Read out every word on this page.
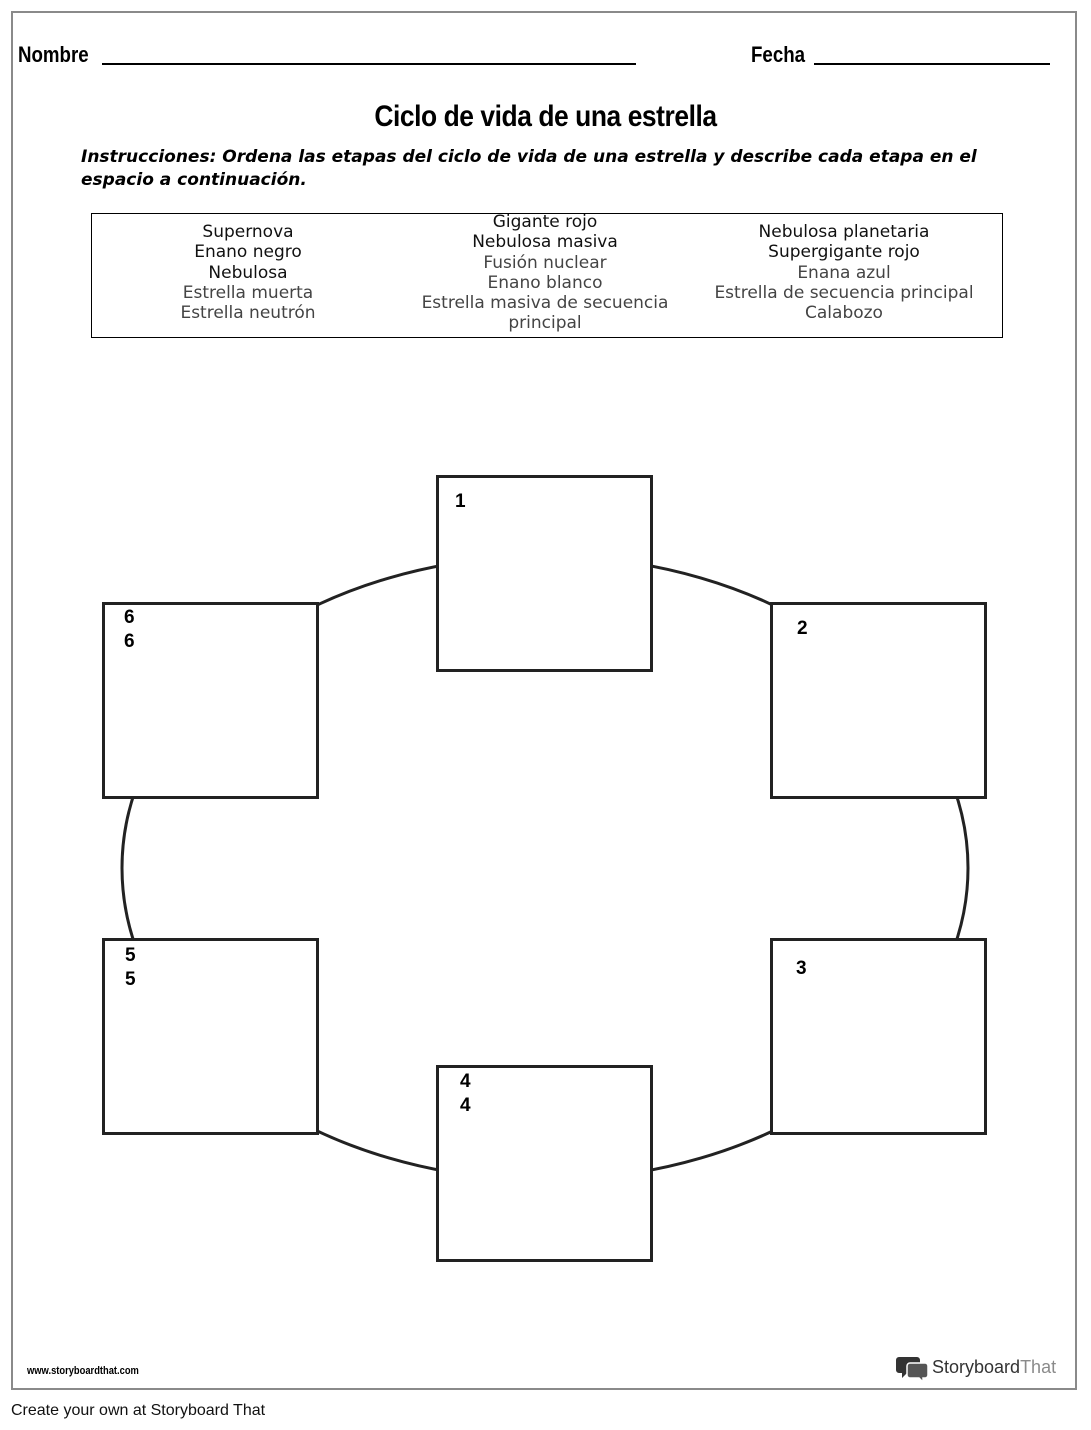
Nombre	Fecha
Ciclo de vida de una estrella
Instrucciones: Ordena las etapas del ciclo de vida de una estrella y describe cada etapa en el espacio a continuación.
Supernova
Enano negro
Nebulosa
Estrella muerta
Estrella neutrón
Gigante rojo
Nebulosa masiva
Fusión nuclear
Enano blanco
Estrella masiva de secuencia
principal
Nebulosa planetaria
Supergigante rojo
Enana azul
Estrella de secuencia principal
Calabozo
1
2
3
4
4
5
5
6
6
www.storyboardthat.com	StoryboardThat
Create your own at Storyboard That
